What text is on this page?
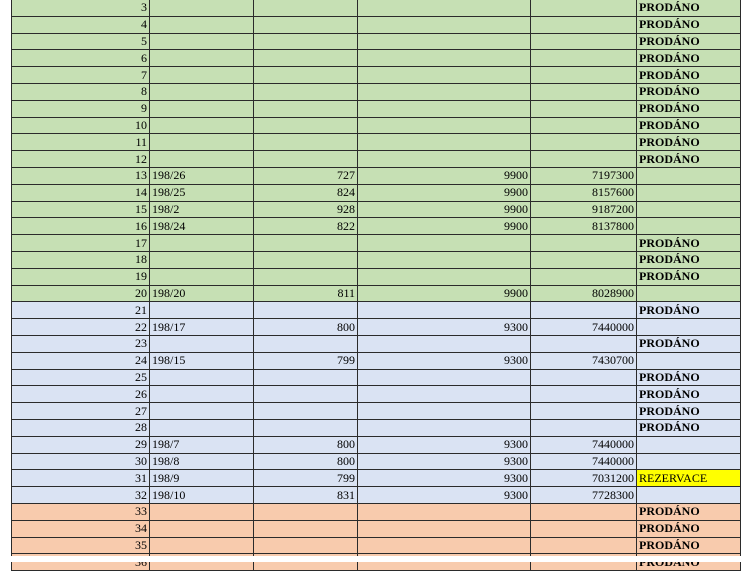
3					PRODÁNO
4					PRODÁNO
5					PRODÁNO
6					PRODÁNO
7					PRODÁNO
8					PRODÁNO
9					PRODÁNO
10					PRODÁNO
11					PRODÁNO
12					PRODÁNO
13	198/26	727	9900	7197300	
14	198/25	824	9900	8157600	
15	198/2	928	9900	9187200	
16	198/24	822	9900	8137800	
17					PRODÁNO
18					PRODÁNO
19					PRODÁNO
20	198/20	811	9900	8028900	
21					PRODÁNO
22	198/17	800	9300	7440000	
23					PRODÁNO
24	198/15	799	9300	7430700	
25					PRODÁNO
26					PRODÁNO
27					PRODÁNO
28					PRODÁNO
29	198/7	800	9300	7440000	
30	198/8	800	9300	7440000	
31	198/9	799	9300	7031200	REZERVACE
32	198/10	831	9300	7728300	
33					PRODÁNO
34					PRODÁNO
35					PRODÁNO
